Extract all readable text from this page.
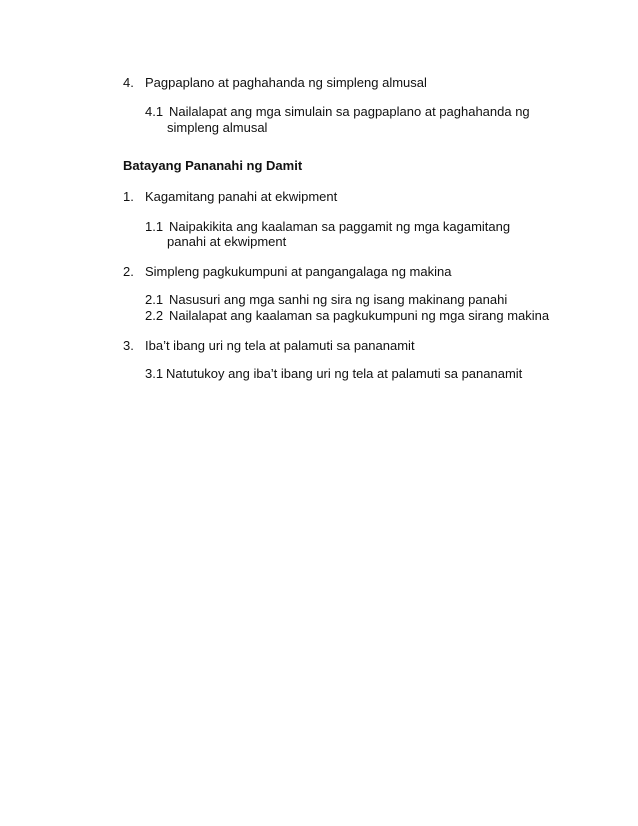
4. Pagpaplano at paghahanda ng simpleng almusal
4.1 Nailalapat ang mga simulain sa pagpaplano at paghahanda ng
simpleng almusal
Batayang Pananahi ng Damit
1. Kagamitang panahi at ekwipment
1.1 Naipakikita ang kaalaman sa paggamit ng mga kagamitang
panahi at ekwipment
2. Simpleng pagkukumpuni at pangangalaga ng makina
2.1 Nasusuri ang mga sanhi ng sira ng isang makinang panahi
2.2 Nailalapat ang kaalaman sa pagkukumpuni ng mga sirang makina
3. Iba’t ibang uri ng tela at palamuti sa pananamit
3.1 Natutukoy ang iba’t ibang uri ng tela at palamuti sa pananamit
